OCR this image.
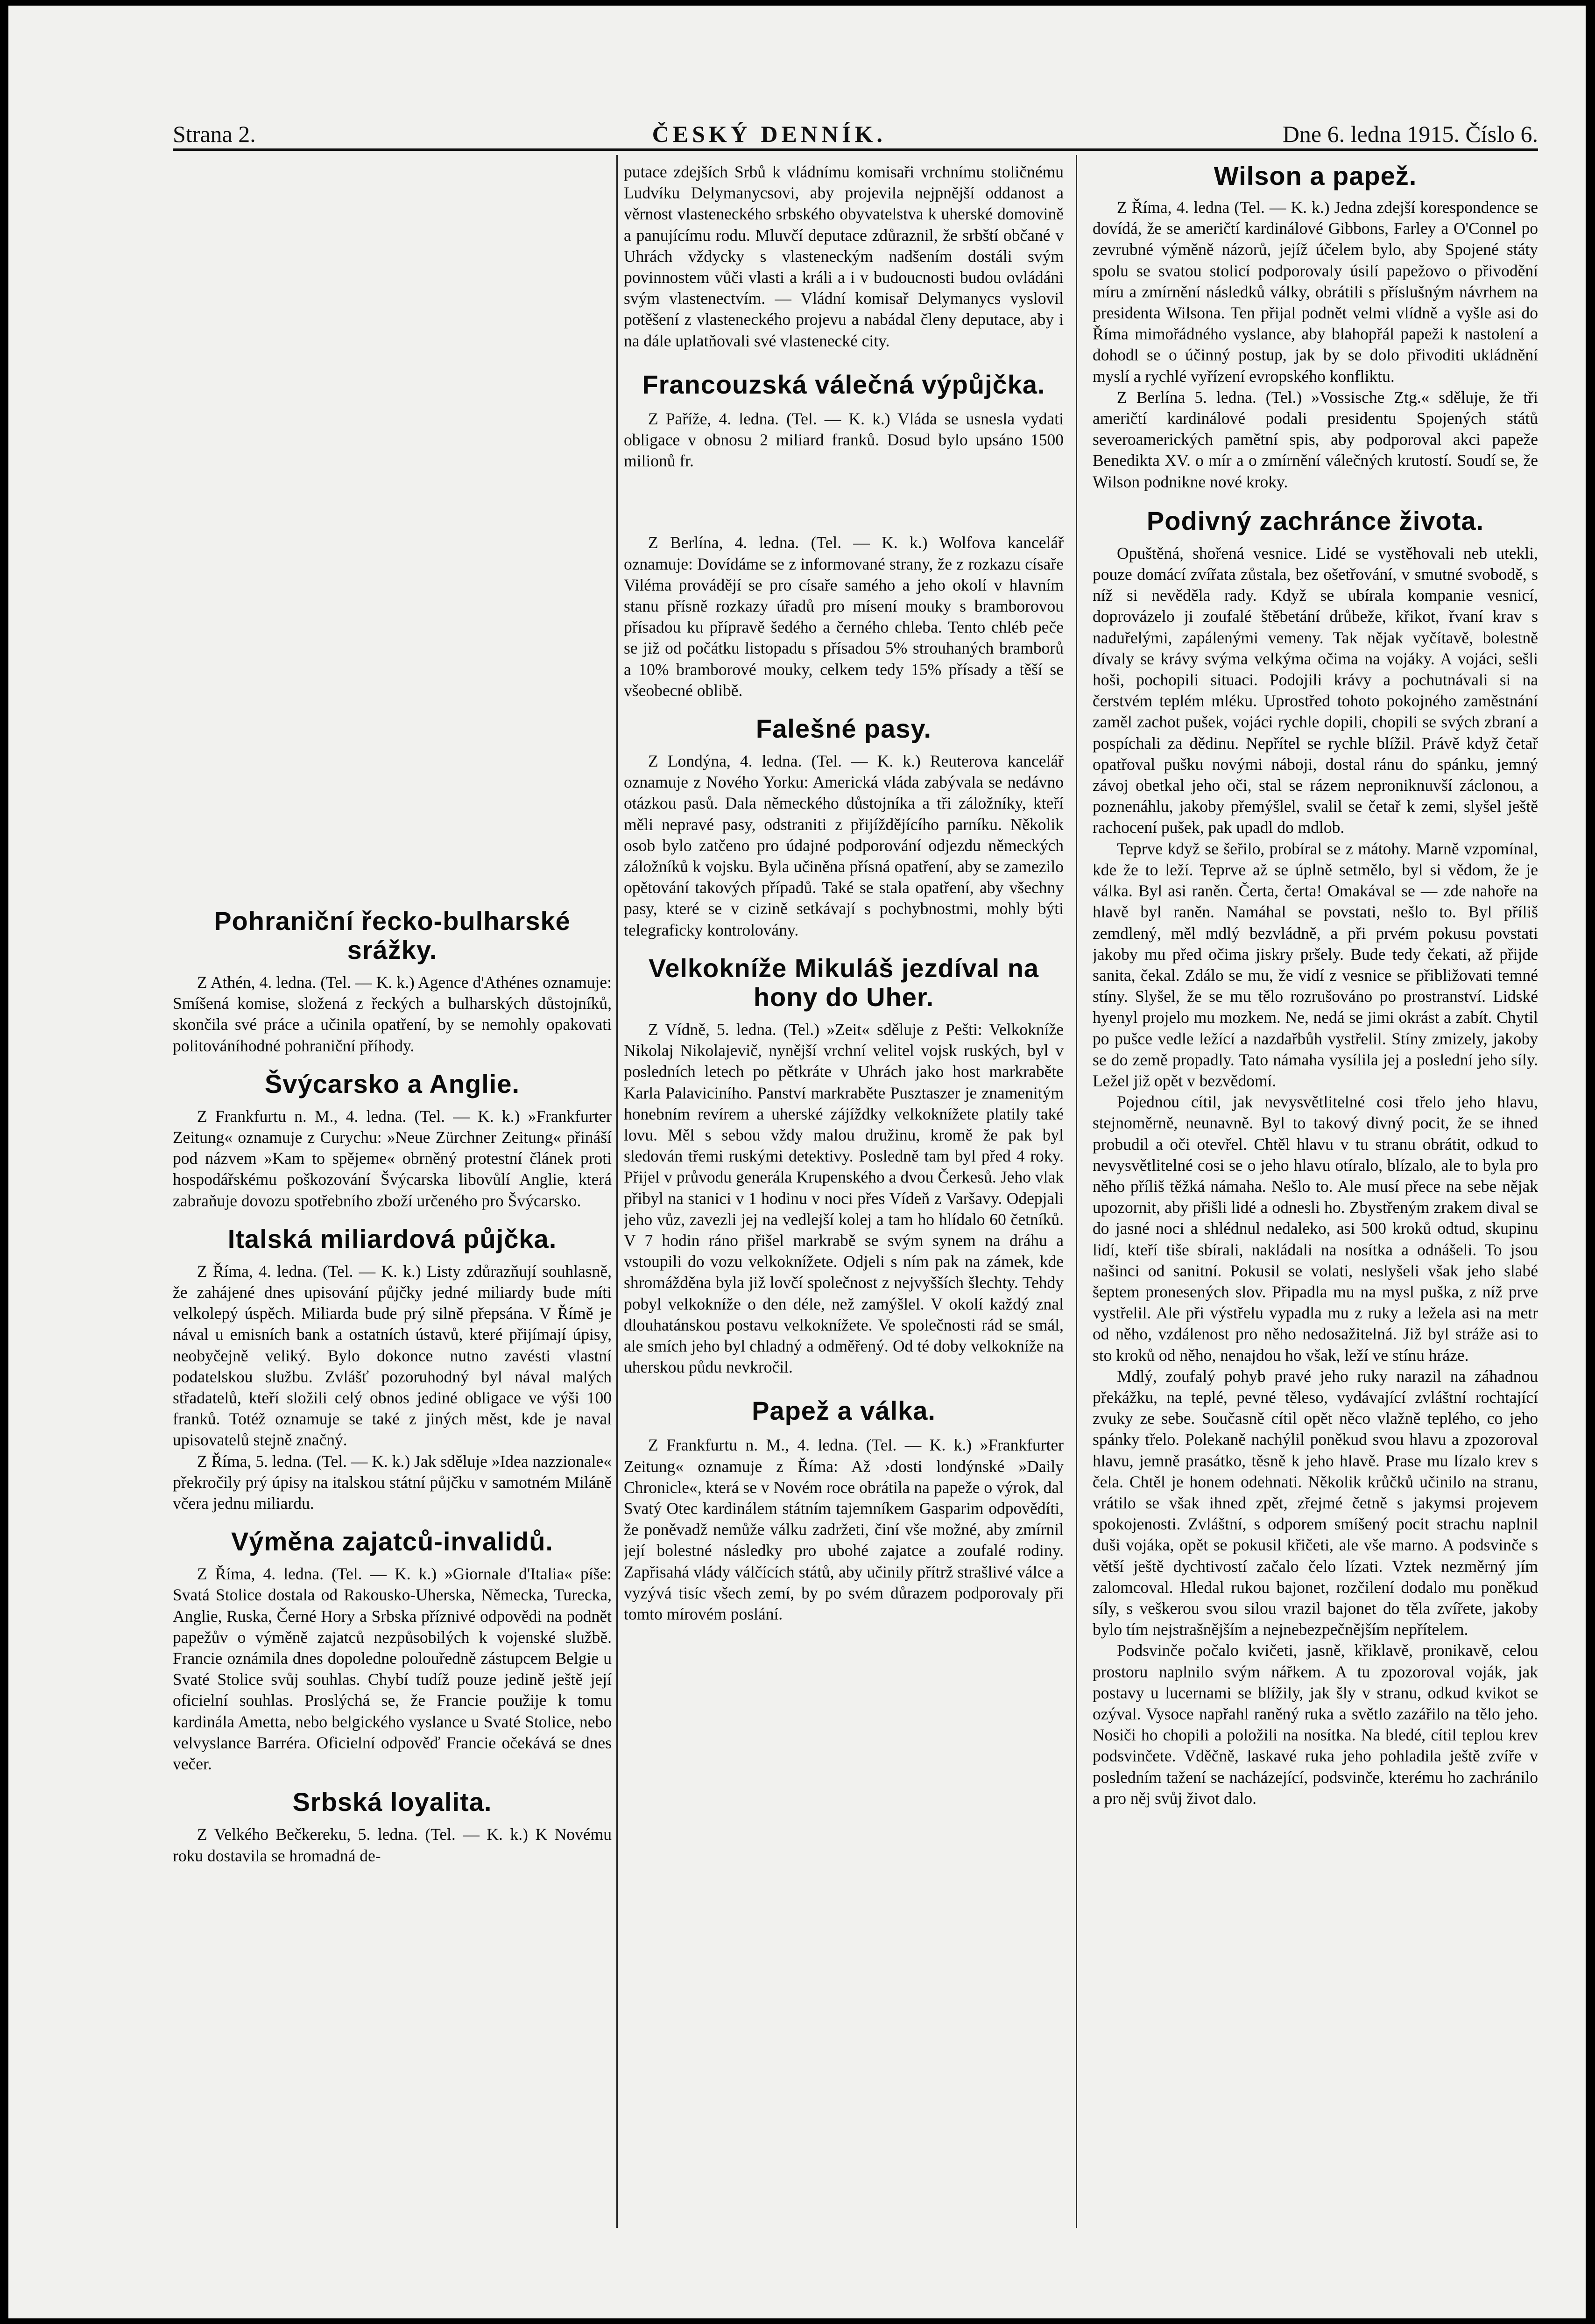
Strana 2.	ČESKÝ DENNÍK.	Dne 6. ledna 1915. Číslo 6.
Pohraniční řecko-bulharské srážky.

Z Athén, 4. ledna. (Tel. — K. k.) Agence d'Athénes oznamuje: Smíšená komise, složená z řeckých a bulharských důstojníků, skončila své práce a učinila opatření, by se nemohly opakovati politováníhodné pohraniční příhody.

Švýcarsko a Anglie.

Z Frankfurtu n. M., 4. ledna. (Tel. — K. k.) »Frankfurter Zeitung« oznamuje z Curychu: »Neue Zürchner Zeitung« přináší pod názvem »Kam to spějeme« obrněný protestní článek proti hospodářskému poškozování Švýcarska libovůlí Anglie, která zabraňuje dovozu spotřebního zboží určeného pro Švýcarsko.

Italská miliardová půjčka.

Z Říma, 4. ledna. (Tel. — K. k.) Listy zdůrazňují souhlasně, že zahájené dnes upisování půjčky jedné miliardy bude míti velkolepý úspěch. Miliarda bude prý silně přepsána. V Římě je nával u emisních bank a ostatních ústavů, které přijímají úpisy, neobyčejně veliký. Bylo dokonce nutno zavésti vlastní podatelskou službu. Zvlášť pozoruhodný byl nával malých střadatelů, kteří složili celý obnos jediné obligace ve výši 100 franků. Totéž oznamuje se také z jiných měst, kde je naval upisovatelů stejně značný.

Z Říma, 5. ledna. (Tel. — K. k.) Jak sděluje »Idea nazzionale« překročily prý úpisy na italskou státní půjčku v samotném Miláně včera jednu miliardu.

Výměna zajatců-invalidů.

Z Říma, 4. ledna. (Tel. — K. k.) »Giornale d'Italia« píše: Svatá Stolice dostala od Rakousko-Uherska, Německa, Turecka, Anglie, Ruska, Černé Hory a Srbska příznivé odpovědi na podnět papežův o výměně zajatců nezpůsobilých k vojenské službě. Francie oznámila dnes dopoledne polouředně zástupcem Belgie u Svaté Stolice svůj souhlas. Chybí tudíž pouze jedině ještě její oficielní souhlas. Proslýchá se, že Francie použije k tomu kardinála Ametta, nebo belgického vyslance u Svaté Stolice, nebo velvyslance Barréra. Oficielní odpověď Francie očekává se dnes večer.

Srbská loyalita.

Z Velkého Bečkereku, 5. ledna. (Tel. — K. k.) K Novému roku dostavila se hromadná de-

putace zdejších Srbů k vládnímu komisaři vrchnímu stoličnému Ludvíku Delymanycsovi, aby projevila nejpnější oddanost a věrnost vlasteneckého srbského obyvatelstva k uherské domovině a panujícímu rodu. Mluvčí deputace zdůraznil, že srbští občané v Uhrách vždycky s vlasteneckým nadšením dostáli svým povinnostem vůči vlasti a králi a i v budoucnosti budou ovládáni svým vlastenectvím. — Vládní komisař Delymanycs vyslovil potěšení z vlasteneckého projevu a nabádal členy deputace, aby i na dále uplatňovali své vlastenecké city.

Francouzská válečná výpůjčka.

Z Paříže, 4. ledna. (Tel. — K. k.) Vláda se usnesla vydati obligace v obnosu 2 miliard franků. Dosud bylo upsáno 1500 milionů fr.

Z Berlína, 4. ledna. (Tel. — K. k.) Wolfova kancelář oznamuje: Dovídáme se z informované strany, že z rozkazu císaře Viléma provádějí se pro císaře samého a jeho okolí v hlavním stanu přísně rozkazy úřadů pro mísení mouky s bramborovou přísadou ku přípravě šedého a černého chleba. Tento chléb peče se již od počátku listopadu s přísadou 5% strouhaných bramborů a 10% bramborové mouky, celkem tedy 15% přísady a těší se všeobecné oblibě.

Falešné pasy.

Z Londýna, 4. ledna. (Tel. — K. k.) Reuterova kancelář oznamuje z Nového Yorku: Americká vláda zabývala se nedávno otázkou pasů. Dala německého důstojníka a tři záložníky, kteří měli nepravé pasy, odstraniti z přijíždějícího parníku. Několik osob bylo zatčeno pro údajné podporování odjezdu německých záložníků k vojsku. Byla učiněna přísná opatření, aby se zamezilo opětování takových případů. Také se stala opatření, aby všechny pasy, které se v cizině setkávají s pochybnostmi, mohly býti telegraficky kontrolovány.

Velkokníže Mikuláš jezdíval na hony do Uher.

Z Vídně, 5. ledna. (Tel.) »Zeit« sděluje z Pešti: Velkokníže Nikolaj Nikolajevič, nynější vrchní velitel vojsk ruských, byl v posledních letech po pětkráte v Uhrách jako host markraběte Karla Palaviciního. Panství markraběte Pusztaszer je znamenitým honebním revírem a uherské zájíždky velkoknížete platily také lovu. Měl s sebou vždy malou družinu, kromě že pak byl sledován třemi ruskými detektivy. Posledně tam byl před 4 roky. Přijel v průvodu generála Krupenského a dvou Čerkesů. Jeho vlak přibyl na stanici v 1 hodinu v noci přes Vídeň z Varšavy. Odepjali jeho vůz, zavezli jej na vedlejší kolej a tam ho hlídalo 60 četníků. V 7 hodin ráno přišel markrabě se svým synem na dráhu a vstoupili do vozu velkoknížete. Odjeli s ním pak na zámek, kde shromážděna byla již lovčí společnost z nejvyšších šlechty. Tehdy pobyl velkokníže o den déle, než zamýšlel. V okolí každý znal dlouhatánskou postavu velkoknížete. Ve společnosti rád se smál, ale smích jeho byl chladný a odměřený. Od té doby velkokníže na uherskou půdu nevkročil.

Papež a válka.

Z Frankfurtu n. M., 4. ledna. (Tel. — K. k.) »Frankfurter Zeitung« oznamuje z Říma: Až ›dosti londýnské »Daily Chronicle«, která se v Novém roce obrátila na papeže o výrok, dal Svatý Otec kardinálem státním tajemníkem Gasparim odpovědíti, že poněvadž nemůže válku zadržeti, činí vše možné, aby zmírnil její bolestné následky pro ubohé zajatce a zoufalé rodiny. Zapřisahá vlády válčících států, aby učinily přítrž strašlivé válce a vyzývá tisíc všech zemí, by po svém důrazem podporovaly při tomto mírovém poslání.

Wilson a papež.

Z Říma, 4. ledna (Tel. — K. k.) Jedna zdejší korespondence se dovídá, že se američtí kardinálové Gibbons, Farley a O'Connel po zevrubné výměně názorů, jejíž účelem bylo, aby Spojené státy spolu se svatou stolicí podporovaly úsilí papežovo o přivodění míru a zmírnění následků války, obrátili s příslušným návrhem na presidenta Wilsona. Ten přijal podnět velmi vlídně a vyšle asi do Říma mimořádného vyslance, aby blahopřál papeži k nastolení a dohodl se o účinný postup, jak by se dolo přivoditi ukládnění myslí a rychlé vyřízení evropského konfliktu.

Z Berlína 5. ledna. (Tel.) »Vossische Ztg.« sděluje, že tři američtí kardinálové podali presidentu Spojených států severoamerických pamětní spis, aby podporoval akci papeže Benedikta XV. o mír a o zmírnění válečných krutostí. Soudí se, že Wilson podnikne nové kroky.

Podivný zachránce života.

Opuštěná, shořená vesnice. Lidé se vystěhovali neb utekli, pouze domácí zvířata zůstala, bez ošetřování, v smutné svobodě, s níž si nevěděla rady. Když se ubírala kompanie vesnicí, doprovázelo ji zoufalé štěbetání drůbeže, křikot, řvaní krav s naduřelými, zapálenými vemeny. Tak nějak vyčítavě, bolestně dívaly se krávy svýma velkýma očima na vojáky. A vojáci, sešli hoši, pochopili situaci. Podojili krávy a pochutnávali si na čerstvém teplém mléku. Uprostřed tohoto pokojného zaměstnání zaměl zachot pušek, vojáci rychle dopili, chopili se svých zbraní a pospíchali za dědinu. Nepřítel se rychle blížil. Právě když četař opatřoval pušku novými náboji, dostal ránu do spánku, jemný závoj obetkal jeho oči, stal se rázem neproniknuvší záclonou, a poznenáhlu, jakoby přemýšlel, svalil se četař k zemi, slyšel ještě rachocení pušek, pak upadl do mdlob.

Teprve když se šeřilo, probíral se z mátohy. Marně vzpomínal, kde že to leží. Teprve až se úplně setmělo, byl si vědom, že je válka. Byl asi raněn. Čerta, čerta! Omakával se — zde nahoře na hlavě byl raněn. Namáhal se povstati, nešlo to. Byl příliš zemdlený, měl mdlý bezvládně, a při prvém pokusu povstati jakoby mu před očima jiskry pršely. Bude tedy čekati, až přijde sanita, čekal. Zdálo se mu, že vidí z vesnice se přibližovati temné stíny. Slyšel, že se mu tělo rozrušováno po prostranství. Lidské hyenyl projelo mu mozkem. Ne, nedá se jimi okrást a zabít. Chytil po pušce vedle ležící a nazdařbůh vystřelil. Stíny zmizely, jakoby se do země propadly. Tato námaha vysílila jej a poslední jeho síly. Ležel již opět v bezvědomí.

Pojednou cítil, jak nevysvětlitelné cosi třelo jeho hlavu, stejnoměrně, neunavně. Byl to takový divný pocit, že se ihned probudil a oči otevřel. Chtěl hlavu v tu stranu obrátit, odkud to nevysvětlitelné cosi se o jeho hlavu otíralo, blízalo, ale to byla pro něho příliš těžká námaha. Nešlo to. Ale musí přece na sebe nějak upozornit, aby přišli lidé a odnesli ho. Zbystřeným zrakem dival se do jasné noci a shlédnul nedaleko, asi 500 kroků odtud, skupinu lidí, kteří tiše sbírali, nakládali na nosítka a odnášeli. To jsou našinci od sanitní. Pokusil se volati, neslyšeli však jeho slabé šeptem pronesených slov. Připadla mu na mysl puška, z níž prve vystřelil. Ale při výstřelu vypadla mu z ruky a ležela asi na metr od něho, vzdálenost pro něho nedosažitelná. Již byl stráže asi to sto kroků od něho, nenajdou ho však, leží ve stínu hráze.

Mdlý, zoufalý pohyb pravé jeho ruky narazil na záhadnou překážku, na teplé, pevné těleso, vydávající zvláštní rochtající zvuky ze sebe. Současně cítil opět něco vlažně teplého, co jeho spánky třelo. Polekaně nachýlil poněkud svou hlavu a zpozoroval hlavu, jemně prasátko, těsně k jeho hlavě. Prase mu lízalo krev s čela. Chtěl je honem odehnati. Několik krůčků učinilo na stranu, vrátilo se však ihned zpět, zřejmé četně s jakymsi projevem spokojenosti. Zvláštní, s odporem smíšený pocit strachu naplnil duši vojáka, opět se pokusil křičeti, ale vše marno. A podsvinče s větší ještě dychtivostí začalo čelo lízati. Vztek nezměrný jím zalomcoval. Hledal rukou bajonet, rozčilení dodalo mu poněkud síly, s veškerou svou silou vrazil bajonet do těla zvířete, jakoby bylo tím nejstrašnějším a nejnebezpečnějším nepřítelem.

Podsvinče počalo kvičeti, jasně, křiklavě, pronikavě, celou prostoru naplnilo svým nářkem. A tu zpozoroval voják, jak postavy u lucernami se blížily, jak šly v stranu, odkud kvikot se ozýval. Vysoce napřahl raněný ruka a světlo zazářilo na tělo jeho. Nosiči ho chopili a položili na nosítka. Na bledé, cítil teplou krev podsvinčete. Vděčně, laskavé ruka jeho pohladila ještě zvíře v posledním tažení se nacházející, podsvinče, kterému ho zachránilo a pro něj svůj život dalo.
